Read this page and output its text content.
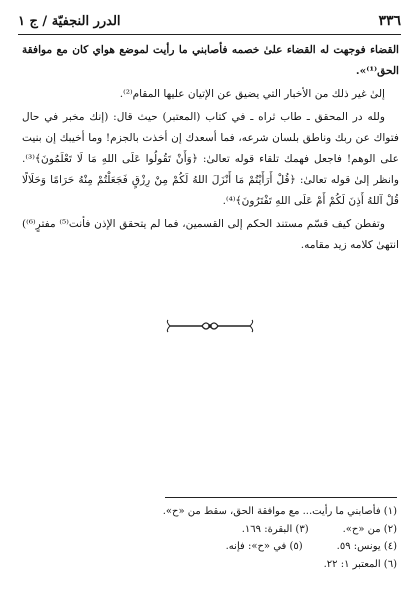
٣٣٦
الدرر النجفيّة / ج ١

القضاء فوجهت له القضاء علىٰ خصمه فأصابني ما رأيت لموضع هواي كان مع موافقة الحق⁽¹⁾».

إلىٰ غير ذلك من الأخبار التي يضيق عن الإتيان عليها المقام⁽²⁾.

ولله در المحقق ـ طاب ثراه ـ في كتاب (المعتبر) حيث قال: (إنك مخبر في حال فتواك عن ربك وناطق بلسان شرعه، فما أسعدك إن أخذت بالجزم! وما أخيبك إن بنيت على الوهم! فاجعل فهمك تلقاء قوله تعالىٰ: ﴿وَأَنْ تَقُولُوا عَلَى اللهِ مَا لَا تَعْلَمُونَ﴾⁽³⁾. وانظر إلىٰ قوله تعالىٰ: ﴿قُلْ أَرَأَيْتُمْ مَا أَنْزَلَ اللهُ لَكُمْ مِنْ رِزْقٍ فَجَعَلْتُمْ مِنْهُ حَرَامًا وَحَلَالًا قُلْ آللهُ أَذِنَ لَكُمْ أَمْ عَلَى اللهِ تَفْتَرُونَ﴾⁽⁴⁾.

وتفطن كيف قسّم مستند الحكم إلى القسمين، فما لم يتحقق الإذن فأنت⁽⁵⁾ مفترٍ⁽⁶⁾) انتهىٰ كلامه زيد مقامه.

(١) فأصابني ما رأيت... مع موافقة الحق، سقط من «ح».
(٢) من «ح».(٣) البقرة: ١٦٩.
(٤) يونس: ٥٩.(٥) في «ح»: فإنه.
(٦) المعتبر ١: ٢٢.
